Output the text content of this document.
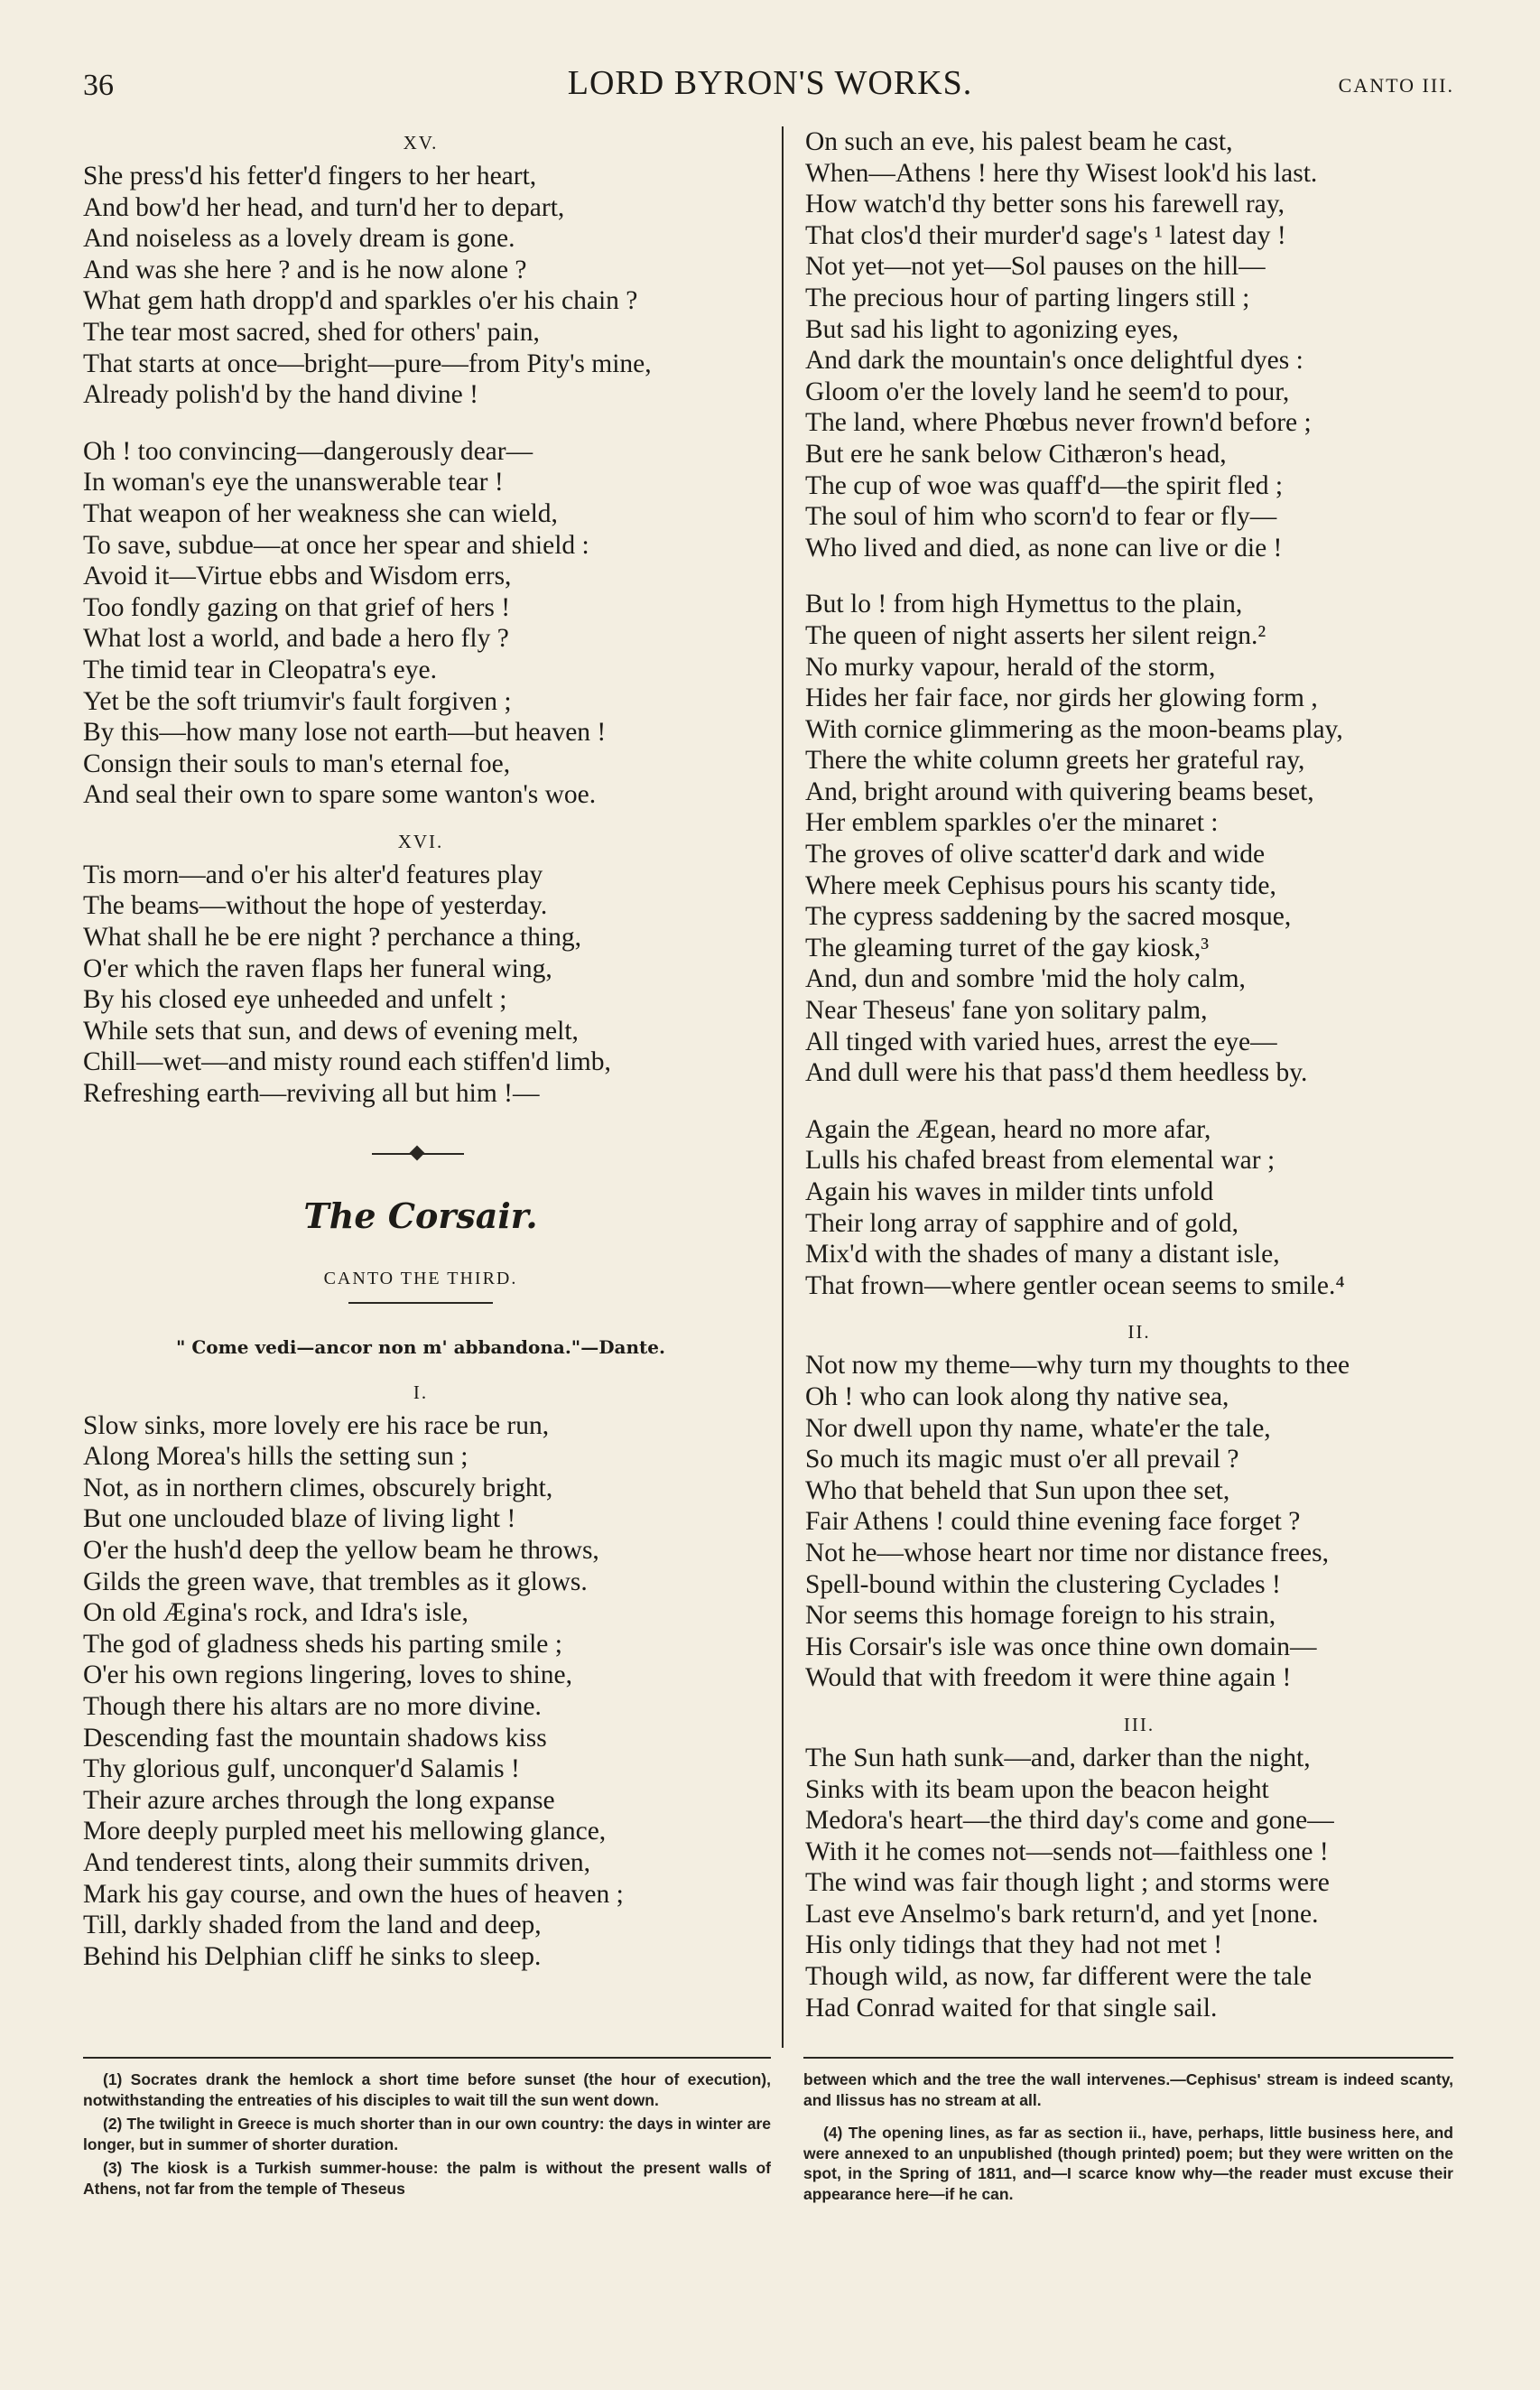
36	LORD BYRON'S WORKS.	CANTO III.
XV.
She press'd his fetter'd fingers to her heart,
And bow'd her head, and turn'd her to depart,
And noiseless as a lovely dream is gone.
And was she here ? and is he now alone ?
What gem hath dropp'd and sparkles o'er his chain ?
The tear most sacred, shed for others' pain,
That starts at once—bright—pure—from Pity's mine,
Already polish'd by the hand divine !
Oh ! too convincing—dangerously dear—
In woman's eye the unanswerable tear !
That weapon of her weakness she can wield,
To save, subdue—at once her spear and shield :
Avoid it—Virtue ebbs and Wisdom errs,
Too fondly gazing on that grief of hers !
What lost a world, and bade a hero fly ?
The timid tear in Cleopatra's eye.
Yet be the soft triumvir's fault forgiven ;
By this—how many lose not earth—but heaven !
Consign their souls to man's eternal foe,
And seal their own to spare some wanton's woe.
XVI.
Tis morn—and o'er his alter'd features play
The beams—without the hope of yesterday.
What shall he be ere night ? perchance a thing,
O'er which the raven flaps her funeral wing,
By his closed eye unheeded and unfelt ;
While sets that sun, and dews of evening melt,
Chill—wet—and misty round each stiffen'd limb,
Refreshing earth—reviving all but him !—
The Corsair.
CANTO THE THIRD.
" Come vedi—ancor non m' abbandona."—Dante.
I.
Slow sinks, more lovely ere his race be run,
Along Morea's hills the setting sun ;
Not, as in northern climes, obscurely bright,
But one unclouded blaze of living light !
O'er the hush'd deep the yellow beam he throws,
Gilds the green wave, that trembles as it glows.
On old Ægina's rock, and Idra's isle,
The god of gladness sheds his parting smile ;
O'er his own regions lingering, loves to shine,
Though there his altars are no more divine.
Descending fast the mountain shadows kiss
Thy glorious gulf, unconquer'd Salamis !
Their azure arches through the long expanse
More deeply purpled meet his mellowing glance,
And tenderest tints, along their summits driven,
Mark his gay course, and own the hues of heaven ;
Till, darkly shaded from the land and deep,
Behind his Delphian cliff he sinks to sleep.
On such an eve, his palest beam he cast,
When—Athens ! here thy Wisest look'd his last.
How watch'd thy better sons his farewell ray,
That clos'd their murder'd sage's ¹ latest day !
Not yet—not yet—Sol pauses on the hill—
The precious hour of parting lingers still ;
But sad his light to agonizing eyes,
And dark the mountain's once delightful dyes :
Gloom o'er the lovely land he seem'd to pour,
The land, where Phœbus never frown'd before ;
But ere he sank below Cithæron's head,
The cup of woe was quaff'd—the spirit fled ;
The soul of him who scorn'd to fear or fly—
Who lived and died, as none can live or die !
But lo ! from high Hymettus to the plain,
The queen of night asserts her silent reign.²
No murky vapour, herald of the storm,
Hides her fair face, nor girds her glowing form ,
With cornice glimmering as the moon-beams play,
There the white column greets her grateful ray,
And, bright around with quivering beams beset,
Her emblem sparkles o'er the minaret :
The groves of olive scatter'd dark and wide
Where meek Cephisus pours his scanty tide,
The cypress saddening by the sacred mosque,
The gleaming turret of the gay kiosk,³
And, dun and sombre 'mid the holy calm,
Near Theseus' fane yon solitary palm,
All tinged with varied hues, arrest the eye—
And dull were his that pass'd them heedless by.
Again the Ægean, heard no more afar,
Lulls his chafed breast from elemental war ;
Again his waves in milder tints unfold
Their long array of sapphire and of gold,
Mix'd with the shades of many a distant isle,
That frown—where gentler ocean seems to smile.⁴
II.
Not now my theme—why turn my thoughts to thee
Oh ! who can look along thy native sea,
Nor dwell upon thy name, whate'er the tale,
So much its magic must o'er all prevail ?
Who that beheld that Sun upon thee set,
Fair Athens ! could thine evening face forget ?
Not he—whose heart nor time nor distance frees,
Spell-bound within the clustering Cyclades !
Nor seems this homage foreign to his strain,
His Corsair's isle was once thine own domain—
Would that with freedom it were thine again !
III.
The Sun hath sunk—and, darker than the night,
Sinks with its beam upon the beacon height
Medora's heart—the third day's come and gone—
With it he comes not—sends not—faithless one !
The wind was fair though light ; and storms were
Last eve Anselmo's bark return'd, and yet [none.
His only tidings that they had not met !
Though wild, as now, far different were the tale
Had Conrad waited for that single sail.

(1) Socrates drank the hemlock a short time before sunset (the hour of execution), notwithstanding the entreaties of his disciples to wait till the sun went down.

(2) The twilight in Greece is much shorter than in our own country: the days in winter are longer, but in summer of shorter duration.

(3) The kiosk is a Turkish summer-house: the palm is without the present walls of Athens, not far from the temple of Theseus

between which and the tree the wall intervenes.—Cephisus' stream is indeed scanty, and Ilissus has no stream at all.

(4) The opening lines, as far as section ii., have, perhaps, little business here, and were annexed to an unpublished (though printed) poem; but they were written on the spot, in the Spring of 1811, and—I scarce know why—the reader must excuse their appearance here—if he can.
